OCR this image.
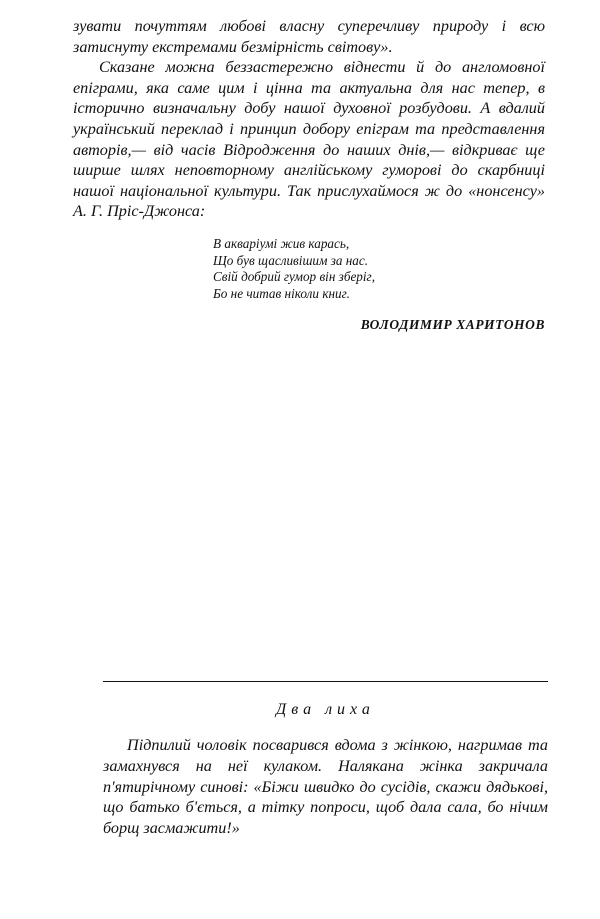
зувати почуттям любові власну суперечливу природу і всю затиснуту екстремами безмірність світову».

Сказане можна беззастережно віднести й до англомовної епіграми, яка саме цим і цінна та актуальна для нас тепер, в історично визначальну добу нашої духовної розбудови. А вдалий український переклад і принцип добору епіграм та представлення авторів,— від часів Відродження до наших днів,— відкриває ще ширше шлях неповторному англійському гуморові до скарбниці нашої національної культури. Так прислухаймося ж до «нонсенсу» А. Г. Пріс-Джонса:

В акваріумі жив карась,
Що був щасливішим за нас.
Свій добрий гумор він зберіг,
Бо не читав ніколи книг.
ВОЛОДИМИР ХАРИТОНОВ
Два лиха

Підпилий чоловік посварився вдома з жінкою, нагримав та замахнувся на неї кулаком. Налякана жінка закричала п'ятирічному синові: «Біжи швидко до сусідів, скажи дядькові, що батько б'ється, а тітку попроси, щоб дала сала, бо нічим борщ засмажити!»
